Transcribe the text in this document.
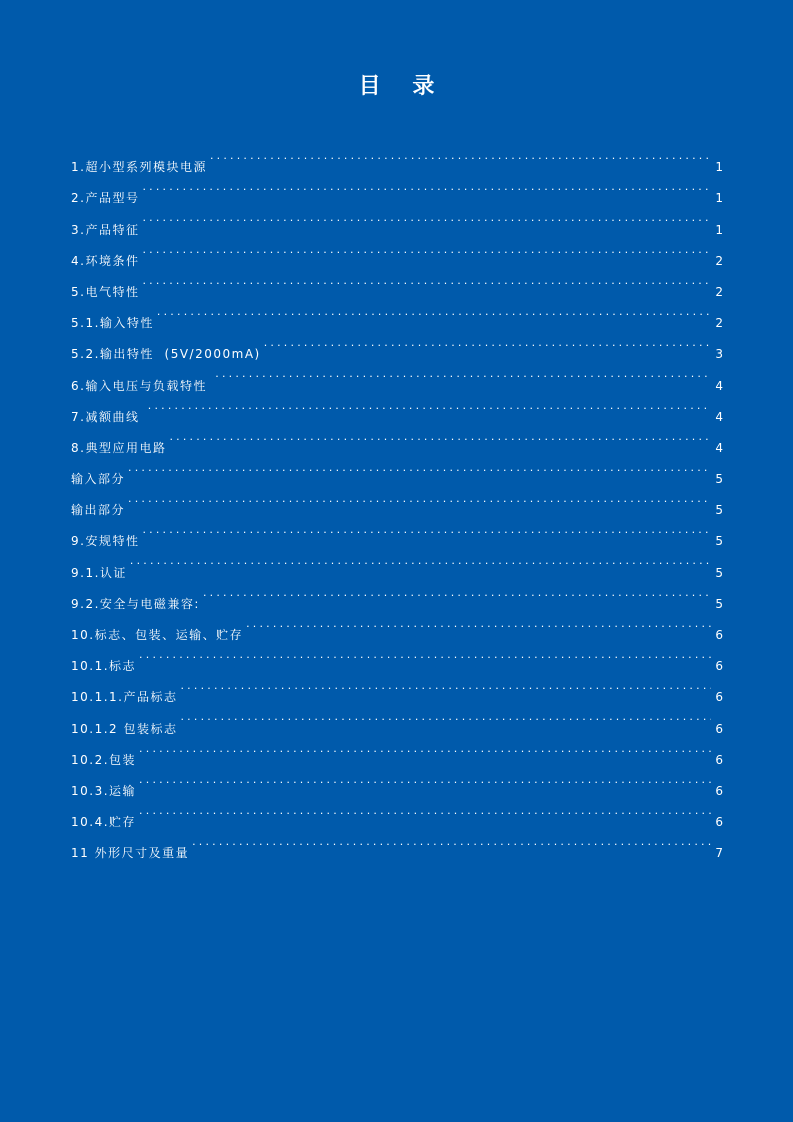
目 录
1.超小型系列模块电源 .....	1
2.产品型号 .....	1
3.产品特征 .....	1
4.环境条件 .....	2
5.电气特性 .....	2
5.1.输入特性 .....	2
5.2.输出特性  (5V/2000mA) .....	3
6.输入电压与负载特性 .....	4
7.减额曲线 .....	4
8.典型应用电路 .....	4
输入部分 .....	5
输出部分 .....	5
9.安规特性 .....	5
9.1.认证 .....	5
9.2.安全与电磁兼容: .....	5
10.标志、包装、运输、贮存 .....	6
10.1.标志 .....	6
10.1.1.产品标志 .....	6
10.1.2 包装标志 .....	6
10.2.包装 .....	6
10.3.运输 .....	6
10.4.贮存 .....	6
11 外形尺寸及重量 .....	7
